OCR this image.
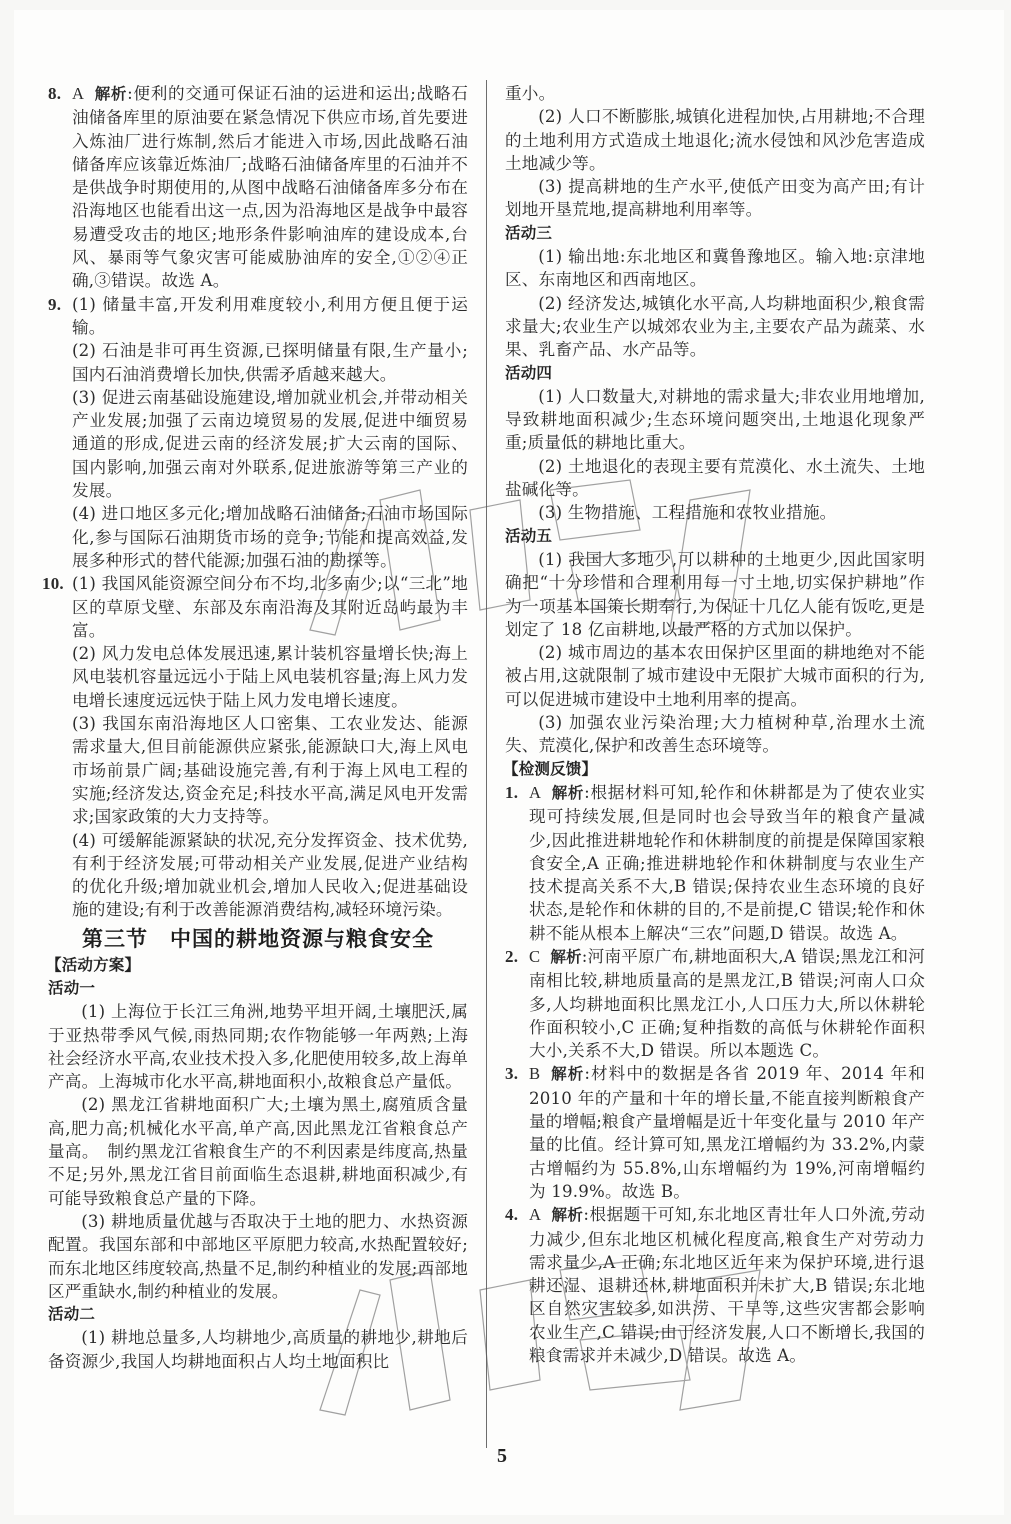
8. A 解析:便利的交通可保证石油的运进和运出;战略石油储备库里的原油要在紧急情况下供应市场,首先要进入炼油厂进行炼制,然后才能进入市场,因此战略石油储备库应该靠近炼油厂;战略石油储备库里的石油并不是供战争时期使用的,从图中战略石油储备库多分布在沿海地区也能看出这一点,因为沿海地区是战争中最容易遭受攻击的地区;地形条件影响油库的建设成本,台风、暴雨等气象灾害可能威胁油库的安全,①②④正确,③错误。故选 A。
9. (1) 储量丰富,开发利用难度较小,利用方便且便于运输。

(2) 石油是非可再生资源,已探明储量有限,生产量小;国内石油消费增长加快,供需矛盾越来越大。

(3) 促进云南基础设施建设,增加就业机会,并带动相关产业发展;加强了云南边境贸易的发展,促进中缅贸易通道的形成,促进云南的经济发展;扩大云南的国际、国内影响,加强云南对外联系,促进旅游等第三产业的发展。

(4) 进口地区多元化;增加战略石油储备;石油市场国际化,参与国际石油期货市场的竞争;节能和提高效益,发展多种形式的替代能源;加强石油的勘探等。

10. (1) 我国风能资源空间分布不均,北多南少;以“三北”地区的草原戈壁、东部及东南沿海及其附近岛屿最为丰富。

(2) 风力发电总体发展迅速,累计装机容量增长快;海上风电装机容量远远小于陆上风电装机容量;海上风力发电增长速度远远快于陆上风力发电增长速度。

(3) 我国东南沿海地区人口密集、工农业发达、能源需求量大,但目前能源供应紧张,能源缺口大,海上风电市场前景广阔;基础设施完善,有利于海上风电工程的实施;经济发达,资金充足;科技水平高,满足风电开发需求;国家政策的大力支持等。

(4) 可缓解能源紧缺的状况,充分发挥资金、技术优势,有利于经济发展;可带动相关产业发展,促进产业结构的优化升级;增加就业机会,增加人民收入;促进基础设施的建设;有利于改善能源消费结构,减轻环境污染。

第三节　中国的耕地资源与粮食安全
【活动方案】
活动一

(1) 上海位于长江三角洲,地势平坦开阔,土壤肥沃,属于亚热带季风气候,雨热同期;农作物能够一年两熟;上海社会经济水平高,农业技术投入多,化肥使用较多,故上海单产高。上海城市化水平高,耕地面积小,故粮食总产量低。

(2) 黑龙江省耕地面积广大;土壤为黑土,腐殖质含量高,肥力高;机械化水平高,单产高,因此黑龙江省粮食总产量高。　制约黑龙江省粮食生产的不利因素是纬度高,热量不足;另外,黑龙江省目前面临生态退耕,耕地面积减少,有可能导致粮食总产量的下降。

(3) 耕地质量优越与否取决于土地的肥力、水热资源配置。我国东部和中部地区平原肥力较高,水热配置较好;而东北地区纬度较高,热量不足,制约种植业的发展;西部地区严重缺水,制约种植业的发展。

活动二

(1) 耕地总量多,人均耕地少,高质量的耕地少,耕地后备资源少,我国人均耕地面积占人均土地面积比

重小。

(2) 人口不断膨胀,城镇化进程加快,占用耕地;不合理的土地利用方式造成土地退化;流水侵蚀和风沙危害造成土地减少等。

(3) 提高耕地的生产水平,使低产田变为高产田;有计划地开垦荒地,提高耕地利用率等。

活动三

(1) 输出地:东北地区和冀鲁豫地区。输入地:京津地区、东南地区和西南地区。

(2) 经济发达,城镇化水平高,人均耕地面积少,粮食需求量大;农业生产以城郊农业为主,主要农产品为蔬菜、水果、乳畜产品、水产品等。

活动四

(1) 人口数量大,对耕地的需求量大;非农业用地增加,导致耕地面积减少;生态环境问题突出,土地退化现象严重;质量低的耕地比重大。

(2) 土地退化的表现主要有荒漠化、水土流失、土地盐碱化等。

(3) 生物措施、工程措施和农牧业措施。

活动五

(1) 我国人多地少,可以耕种的土地更少,因此国家明确把“十分珍惜和合理利用每一寸土地,切实保护耕地”作为一项基本国策长期奉行,为保证十几亿人能有饭吃,更是划定了 18 亿亩耕地,以最严格的方式加以保护。

(2) 城市周边的基本农田保护区里面的耕地绝对不能被占用,这就限制了城市建设中无限扩大城市面积的行为,可以促进城市建设中土地利用率的提高。

(3) 加强农业污染治理;大力植树种草,治理水土流失、荒漠化,保护和改善生态环境等。

【检测反馈】
1. A 解析:根据材料可知,轮作和休耕都是为了使农业实现可持续发展,但是同时也会导致当年的粮食产量减少,因此推进耕地轮作和休耕制度的前提是保障国家粮食安全,A 正确;推进耕地轮作和休耕制度与农业生产技术提高关系不大,B 错误;保持农业生态环境的良好状态,是轮作和休耕的目的,不是前提,C 错误;轮作和休耕不能从根本上解决“三农”问题,D 错误。故选 A。
2. C 解析:河南平原广布,耕地面积大,A 错误;黑龙江和河南相比较,耕地质量高的是黑龙江,B 错误;河南人口众多,人均耕地面积比黑龙江小,人口压力大,所以休耕轮作面积较小,C 正确;复种指数的高低与休耕轮作面积大小,关系不大,D 错误。所以本题选 C。
3. B 解析:材料中的数据是各省 2019 年、2014 年和 2010 年的产量和十年的增长量,不能直接判断粮食产量的增幅;粮食产量增幅是近十年变化量与 2010 年产量的比值。经计算可知,黑龙江增幅约为 33.2%,内蒙古增幅约为 55.8%,山东增幅约为 19%,河南增幅约为 19.9%。故选 B。
4. A 解析:根据题干可知,东北地区青壮年人口外流,劳动力减少,但东北地区机械化程度高,粮食生产对劳动力需求量少,A 正确;东北地区近年来为保护环境,进行退耕还湿、退耕还林,耕地面积并未扩大,B 错误;东北地区自然灾害较多,如洪涝、干旱等,这些灾害都会影响农业生产,C 错误;由于经济发展,人口不断增长,我国的粮食需求并未减少,D 错误。故选 A。
5
